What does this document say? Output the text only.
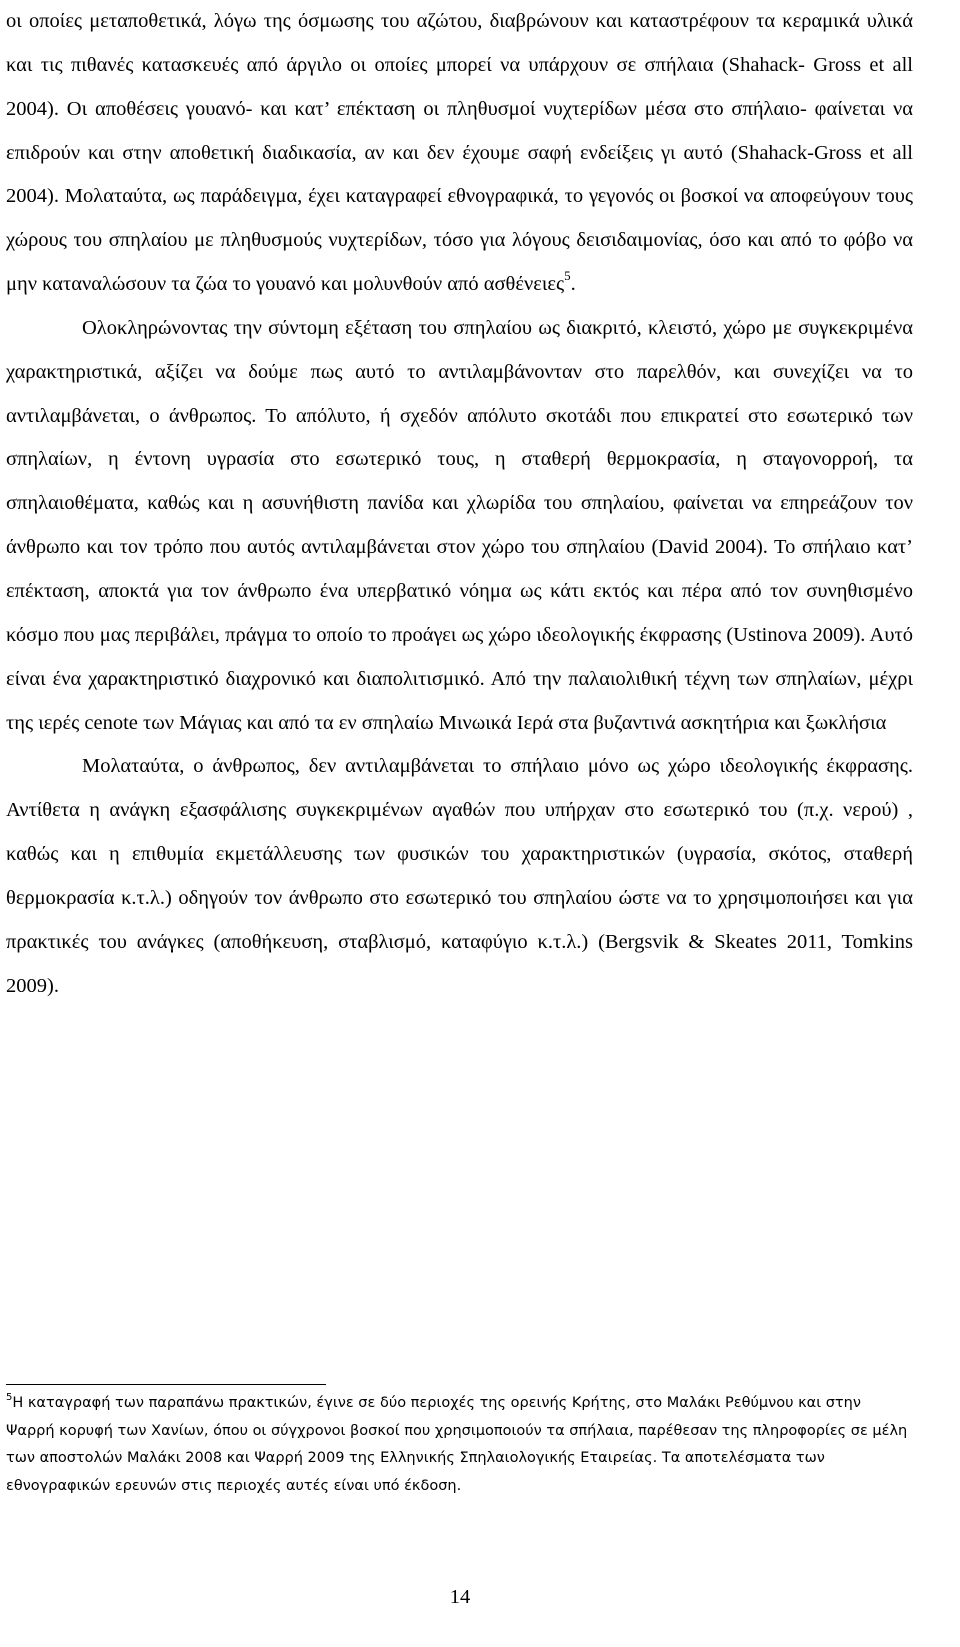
οι οποίες μεταποθετικά, λόγω της όσμωσης του αζώτου, διαβρώνουν και καταστρέφουν τα κεραμικά υλικά και τις πιθανές κατασκευές από άργιλο οι οποίες μπορεί να υπάρχουν σε σπήλαια (Shahack- Gross et all 2004). Οι αποθέσεις γουανό- και κατ’ επέκταση οι πληθυσμοί νυχτερίδων μέσα στο σπήλαιο- φαίνεται να επιδρούν και στην αποθετική διαδικασία, αν και δεν έχουμε σαφή ενδείξεις γι αυτό (Shahack-Gross et all 2004). Μολαταύτα, ως παράδειγμα, έχει καταγραφεί εθνογραφικά, το γεγονός οι βοσκοί να αποφεύγουν τους χώρους του σπηλαίου με πληθυσμούς νυχτερίδων, τόσο για λόγους δεισιδαιμονίας, όσο και από το φόβο να μην καταναλώσουν τα ζώα το γουανό και μολυνθούν από ασθένειες$^5$.

Ολοκληρώνοντας την σύντομη εξέταση του σπηλαίου ως διακριτό, κλειστό, χώρο με συγκεκριμένα χαρακτηριστικά, αξίζει να δούμε πως αυτό το αντιλαμβάνονταν στο παρελθόν, και συνεχίζει να το αντιλαμβάνεται, ο άνθρωπος. Το απόλυτο, ή σχεδόν απόλυτο σκοτάδι που επικρατεί στο εσωτερικό των σπηλαίων, η έντονη υγρασία στο εσωτερικό τους, η σταθερή θερμοκρασία, η σταγονορροή, τα σπηλαιοθέματα, καθώς και η ασυνήθιστη πανίδα και χλωρίδα του σπηλαίου, φαίνεται να επηρεάζουν τον άνθρωπο και τον τρόπο που αυτός αντιλαμβάνεται στον χώρο του σπηλαίου (David 2004). Το σπήλαιο κατ’ επέκταση, αποκτά για τον άνθρωπο ένα υπερβατικό νόημα ως κάτι εκτός και πέρα από τον συνηθισμένο κόσμο που μας περιβάλει, πράγμα το οποίο το προάγει ως χώρο ιδεολογικής έκφρασης (Ustinova 2009). Αυτό είναι ένα χαρακτηριστικό διαχρονικό και διαπολιτισμικό. Από την παλαιολιθική τέχνη των σπηλαίων, μέχρι της ιερές cenote των Μάγιας και από τα εν σπηλαίω Μινωικά Ιερά στα βυζαντινά ασκητήρια και ξωκλήσια

Μολαταύτα, ο άνθρωπος, δεν αντιλαμβάνεται το σπήλαιο μόνο ως χώρο ιδεολογικής έκφρασης. Αντίθετα η ανάγκη εξασφάλισης συγκεκριμένων αγαθών που υπήρχαν στο εσωτερικό του (π.χ. νερού) , καθώς και η επιθυμία εκμετάλλευσης των φυσικών του χαρακτηριστικών (υγρασία, σκότος, σταθερή θερμοκρασία κ.τ.λ.) οδηγούν τον άνθρωπο στο εσωτερικό του σπηλαίου ώστε να το χρησιμοποιήσει και για πρακτικές του ανάγκες (αποθήκευση, σταβλισμό, καταφύγιο κ.τ.λ.) (Bergsvik & Skeates 2011, Tomkins 2009).

$^5$Η καταγραφή των παραπάνω πρακτικών, έγινε σε δύο περιοχές της ορεινής Κρήτης, στο Μαλάκι Ρεθύμνου και στην Ψαρρή κορυφή των Χανίων, όπου οι σύγχρονοι βοσκοί που χρησιμοποιούν τα σπήλαια, παρέθεσαν της πληροφορίες σε μέλη των αποστολών Μαλάκι 2008 και Ψαρρή 2009 της Ελληνικής Σπηλαιολογικής Εταιρείας. Τα αποτελέσματα των εθνογραφικών ερευνών στις περιοχές αυτές είναι υπό έκδοση.
14
